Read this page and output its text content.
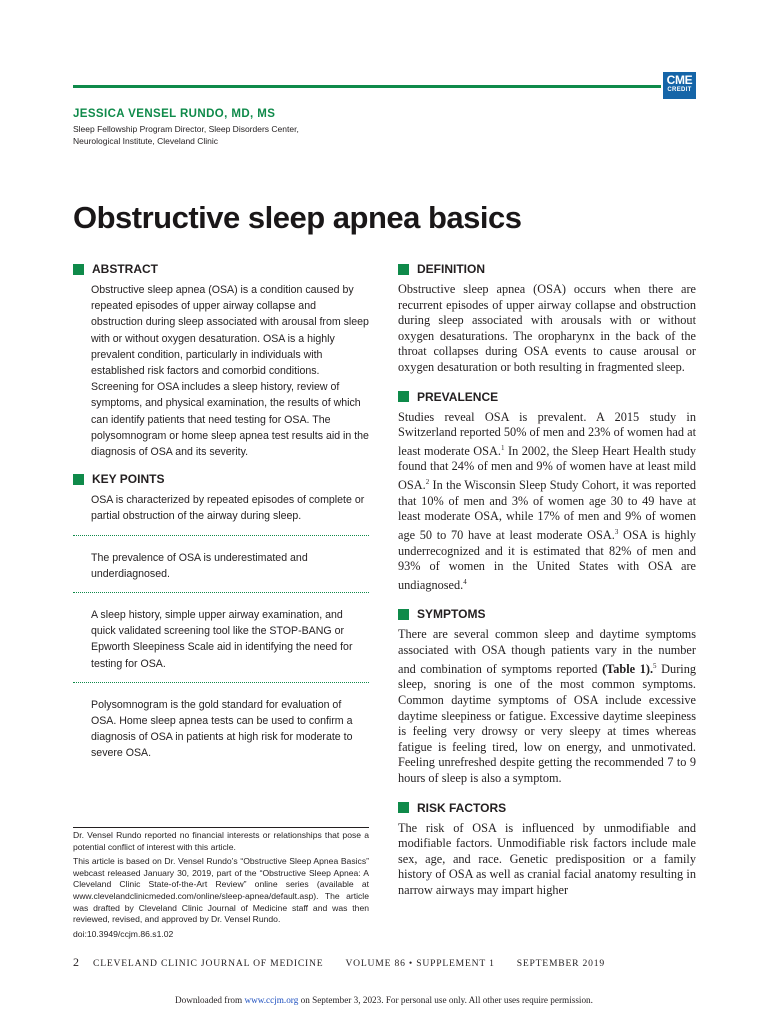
CME
CREDIT
JESSICA VENSEL RUNDO, MD, MS
Sleep Fellowship Program Director, Sleep Disorders Center,
Neurological Institute, Cleveland Clinic
Obstructive sleep apnea basics
ABSTRACT

Obstructive sleep apnea (OSA) is a condition caused by repeated episodes of upper airway collapse and obstruction during sleep associated with arousal from sleep with or without oxygen desaturation. OSA is a highly prevalent condition, particularly in individuals with established risk factors and comorbid conditions. Screening for OSA includes a sleep history, review of symptoms, and physical examination, the results of which can identify patients that need testing for OSA. The polysomnogram or home sleep apnea test results aid in the diagnosis of OSA and its severity.

KEY POINTS
OSA is characterized by repeated episodes of complete or partial obstruction of the airway during sleep.
The prevalence of OSA is underestimated and underdiagnosed.
A sleep history, simple upper airway examination, and quick validated screening tool like the STOP-BANG or Epworth Sleepiness Scale aid in identifying the need for testing for OSA.
Polysomnogram is the gold standard for evaluation of OSA. Home sleep apnea tests can be used to confirm a diagnosis of OSA in patients at high risk for moderate to severe OSA.

Dr. Vensel Rundo reported no financial interests or relationships that pose a potential conflict of interest with this article.

This article is based on Dr. Vensel Rundo’s “Obstructive Sleep Apnea Basics” webcast released January 30, 2019, part of the “Obstructive Sleep Apnea: A Cleveland Clinic State-of-the-Art Review” online series (available at www.clevelandclinicmeded.com/online/sleep-apnea/default.asp). The article was drafted by Cleveland Clinic Journal of Medicine staff and was then reviewed, revised, and approved by Dr. Vensel Rundo.

doi:10.3949/ccjm.86.s1.02

DEFINITION

Obstructive sleep apnea (OSA) occurs when there are recurrent episodes of upper airway collapse and obstruction during sleep associated with arousals with or without oxygen desaturations. The oropharynx in the back of the throat collapses during OSA events to cause arousal or oxygen desaturation or both resulting in fragmented sleep.

PREVALENCE

Studies reveal OSA is prevalent. A 2015 study in Switzerland reported 50% of men and 23% of women had at least moderate OSA.$^1$ In 2002, the Sleep Heart Health study found that 24% of men and 9% of women have at least mild OSA.$^2$ In the Wisconsin Sleep Study Cohort, it was reported that 10% of men and 3% of women age 30 to 49 have at least moderate OSA, while 17% of men and 9% of women age 50 to 70 have at least moderate OSA.$^3$ OSA is highly underrecognized and it is estimated that 82% of men and 93% of women in the United States with OSA are undiagnosed.$^4$

SYMPTOMS

There are several common sleep and daytime symptoms associated with OSA though patients vary in the number and combination of symptoms reported (Table 1).$^5$ During sleep, snoring is one of the most common symptoms. Common daytime symptoms of OSA include excessive daytime sleepiness or fatigue. Excessive daytime sleepiness is feeling very drowsy or very sleepy at times whereas fatigue is feeling tired, low on energy, and unmotivated. Feeling unrefreshed despite getting the recommended 7 to 9 hours of sleep is also a symptom.

RISK FACTORS

The risk of OSA is influenced by unmodifiable and modifiable factors. Unmodifiable risk factors include male sex, age, and race. Genetic predisposition or a family history of OSA as well as cranial facial anatomy resulting in narrow airways may impart higher

2 CLEVELAND CLINIC JOURNAL OF MEDICINE VOLUME 86 • SUPPLEMENT 1 SEPTEMBER 2019
Downloaded from www.ccjm.org on September 3, 2023. For personal use only. All other uses require permission.
